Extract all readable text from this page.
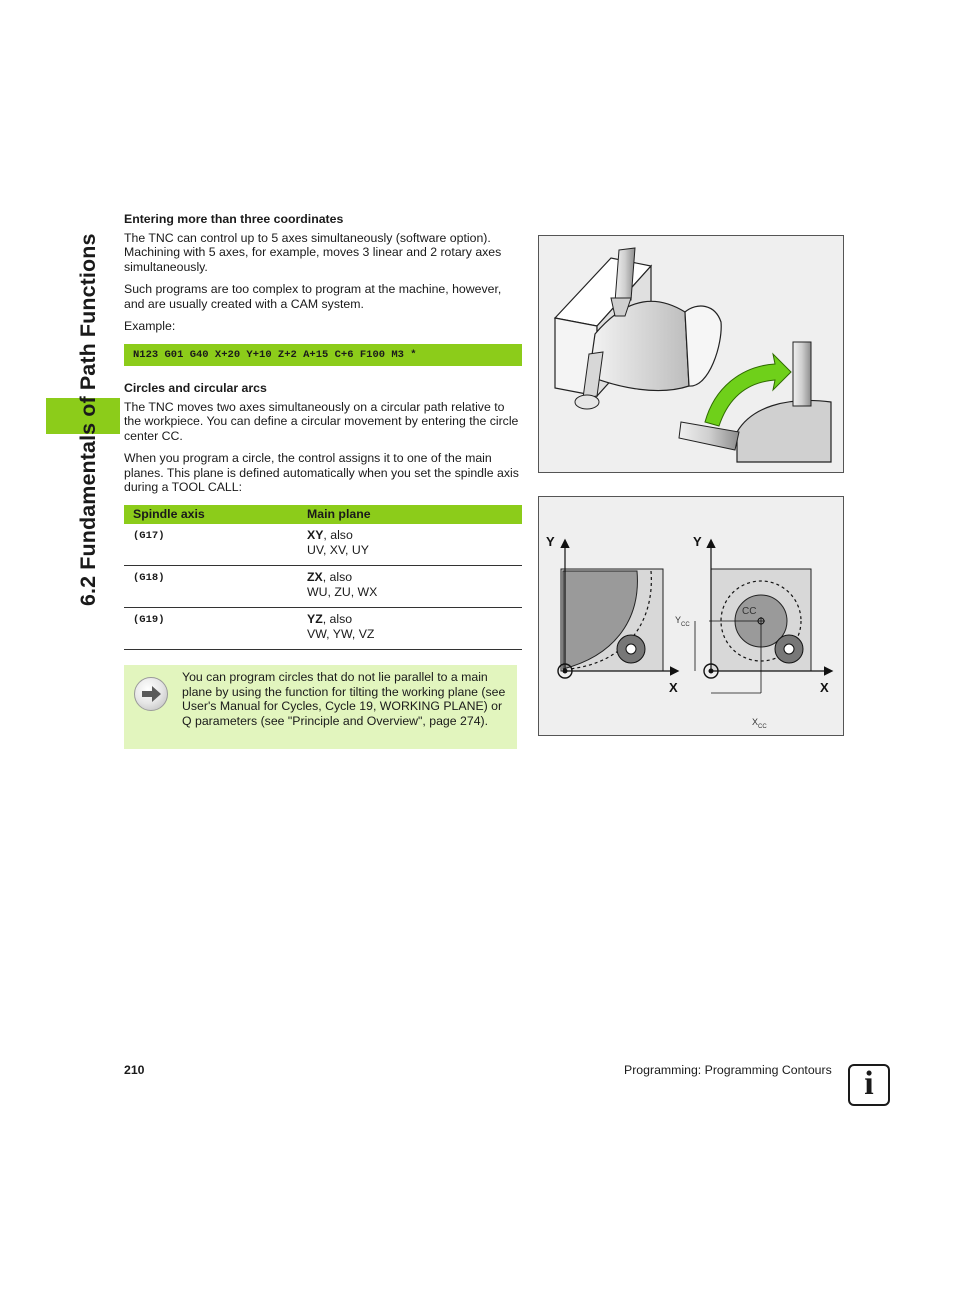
6.2 Fundamentals of Path Functions

Entering more than three coordinates

The TNC can control up to 5 axes simultaneously (software option). Machining with 5 axes, for example, moves 3 linear and 2 rotary axes simultaneously.

Such programs are too complex to program at the machine, however, and are usually created with a CAM system.

Example:

N123 G01 G40 X+20 Y+10 Z+2 A+15 C+6 F100 M3 *

Circles and circular arcs

The TNC moves two axes simultaneously on a circular path relative to the workpiece. You can define a circular movement by entering the circle center CC.

When you program a circle, the control assigns it to one of the main planes. This plane is defined automatically when you set the spindle axis during a TOOL CALL:

Spindle axis	Main plane
(G17)	XY, also
UV, XV, UY
(G18)	ZX, also
WU, ZU, WX
(G19)	YZ, also
VW, YW, VZ
You can program circles that do not lie parallel to a main plane by using the function for tilting the working plane (see User's Manual for Cycles, Cycle 19, WORKING PLANE) or Q parameters (see "Principle and Overview", page 274).
Y
X
Y
X
CC
$Y_{CC}$
$X_{CC}$
210	Programming: Programming Contours i
